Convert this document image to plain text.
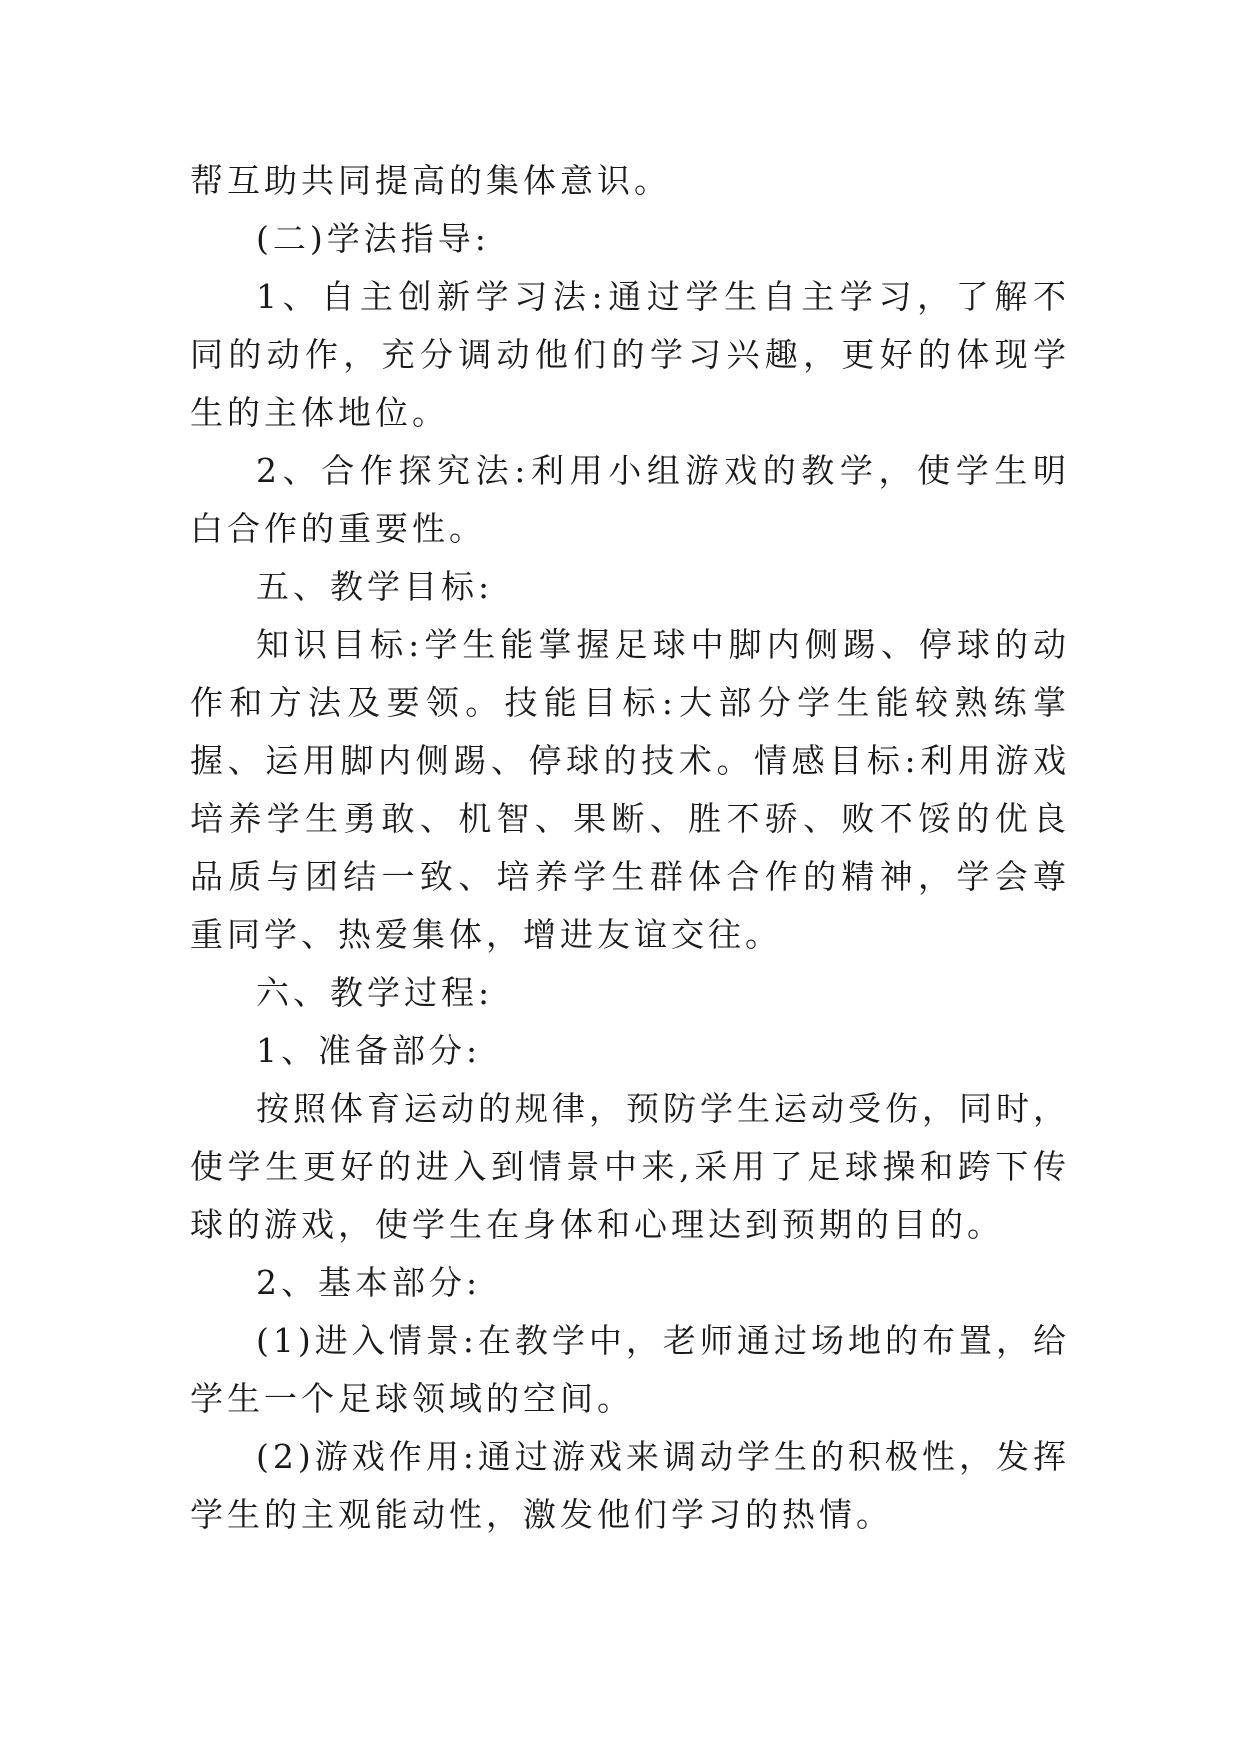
帮互助共同提高的集体意识。

(二)学法指导:

1、自主创新学习法:通过学生自主学习，了解不同的动作，充分调动他们的学习兴趣，更好的体现学生的主体地位。

2、合作探究法:利用小组游戏的教学，使学生明白合作的重要性。

五、教学目标:

知识目标:学生能掌握足球中脚内侧踢、停球的动作和方法及要领。技能目标:大部分学生能较熟练掌握、运用脚内侧踢、停球的技术。情感目标:利用游戏培养学生勇敢、机智、果断、胜不骄、败不馁的优良品质与团结一致、培养学生群体合作的精神，学会尊重同学、热爱集体，增进友谊交往。

六、教学过程:

1、准备部分:

按照体育运动的规律，预防学生运动受伤，同时，使学生更好的进入到情景中来,采用了足球操和跨下传球的游戏，使学生在身体和心理达到预期的目的。

2、基本部分:

(1)进入情景:在教学中，老师通过场地的布置，给学生一个足球领域的空间。

(2)游戏作用:通过游戏来调动学生的积极性，发挥学生的主观能动性，激发他们学习的热情。
